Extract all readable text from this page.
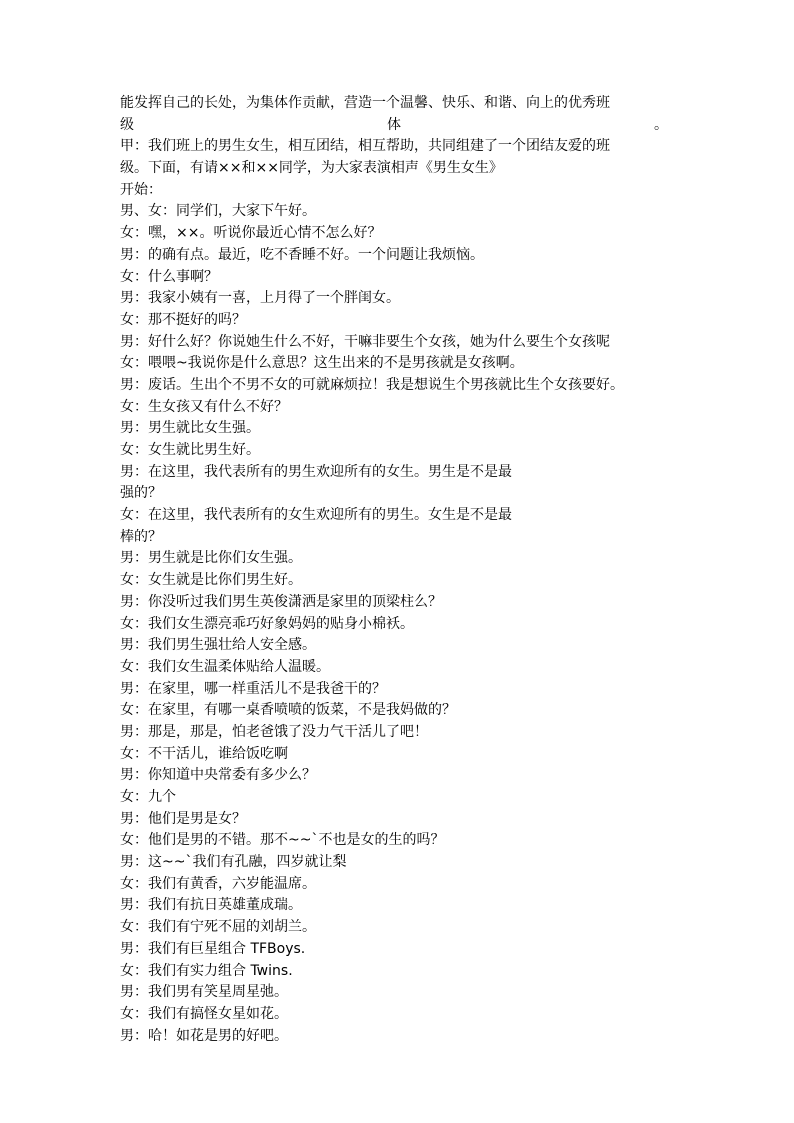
能发挥自己的长处，为集体作贡献，营造一个温馨、快乐、和谐、向上的优秀班
级	体	。
甲：我们班上的男生女生，相互团结，相互帮助，共同组建了一个团结友爱的班
级。下面，有请××和××同学，为大家表演相声《男生女生》
开始：
男、女：同学们，大家下午好。
女：嘿，××。听说你最近心情不怎么好？
男：的确有点。最近，吃不香睡不好。一个问题让我烦恼。
女：什么事啊？
男：我家小姨有一喜，上月得了一个胖闺女。
女：那不挺好的吗？
男：好什么好？你说她生什么不好，干嘛非要生个女孩，她为什么要生个女孩呢
女：喂喂~我说你是什么意思？这生出来的不是男孩就是女孩啊。
男：废话。生出个不男不女的可就麻烦拉！我是想说生个男孩就比生个女孩要好。
女：生女孩又有什么不好？
男：男生就比女生强。
女：女生就比男生好。
男：在这里，我代表所有的男生欢迎所有的女生。男生是不是最
强的？
女：在这里，我代表所有的女生欢迎所有的男生。女生是不是最
棒的？
男：男生就是比你们女生强。
女：女生就是比你们男生好。
男：你没听过我们男生英俊潇洒是家里的顶梁柱么？
女：我们女生漂亮乖巧好象妈妈的贴身小棉袄。
男：我们男生强壮给人安全感。
女：我们女生温柔体贴给人温暖。
男：在家里，哪一样重活儿不是我爸干的？
女：在家里，有哪一桌香喷喷的饭菜，不是我妈做的？
男：那是，那是，怕老爸饿了没力气干活儿了吧！
女：不干活儿，谁给饭吃啊
男：你知道中央常委有多少么？
女：九个
男：他们是男是女？
女：他们是男的不错。那不~~`不也是女的生的吗？
男：这~~`我们有孔融，四岁就让梨
女：我们有黄香，六岁能温席。
男：我们有抗日英雄董成瑞。
女：我们有宁死不屈的刘胡兰。
男：我们有巨星组合 TFBoys.
女：我们有实力组合 Twins.
男：我们男有笑星周星弛。
女：我们有搞怪女星如花。
男：哈！如花是男的好吧。
